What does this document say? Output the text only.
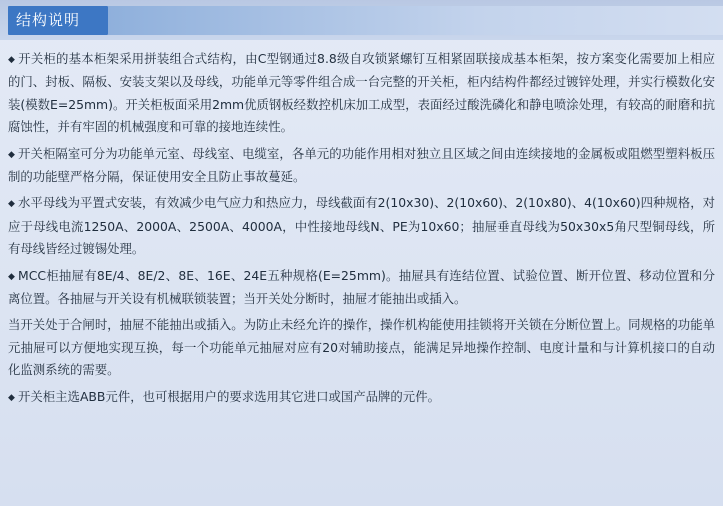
结构说明

◆ 开关柜的基本柜架采用拼装组合式结构，由C型钢通过8.8级自攻锁紧螺钉互相紧固联接成基本柜架，按方案变化需要加上相应的门、封板、隔板、安装支架以及母线，功能单元等零件组合成一台完整的开关柜，柜内结构件都经过镀锌处理，并实行模数化安装(模数E=25mm)。开关柜板面采用2mm优质钢板经数控机床加工成型，表面经过酸洗磷化和静电喷涂处理，有较高的耐磨和抗腐蚀性，并有牢固的机械强度和可靠的接地连续性。

◆ 开关柜隔室可分为功能单元室、母线室、电缆室，各单元的功能作用相对独立且区域之间由连续接地的金属板或阻燃型塑料板压制的功能壁严格分隔，保证使用安全且防止事故蔓延。

◆ 水平母线为平置式安装，有效减少电气应力和热应力，母线截面有2(10x30)、2(10x60)、2(10x80)、4(10x60)四种规格，对应于母线电流1250A、2000A、2500A、4000A，中性接地母线N、PE为10x60；抽屉垂直母线为50x30x5角尺型铜母线，所有母线皆经过镀锡处理。

◆ MCC柜抽屉有8E/4、8E/2、8E、16E、24E五种规格(E=25mm)。抽屉具有连结位置、试验位置、断开位置、移动位置和分离位置。各抽屉与开关设有机械联锁装置；当开关处分断时，抽屉才能抽出或插入。

当开关处于合闸时，抽屉不能抽出或插入。为防止未经允许的操作，操作机构能使用挂锁将开关锁在分断位置上。同规格的功能单元抽屉可以方便地实现互换，每一个功能单元抽屉对应有20对辅助接点，能满足异地操作控制、电度计量和与计算机接口的自动化监测系统的需要。

◆ 开关柜主选ABB元件，也可根据用户的要求选用其它进口或国产品牌的元件。
